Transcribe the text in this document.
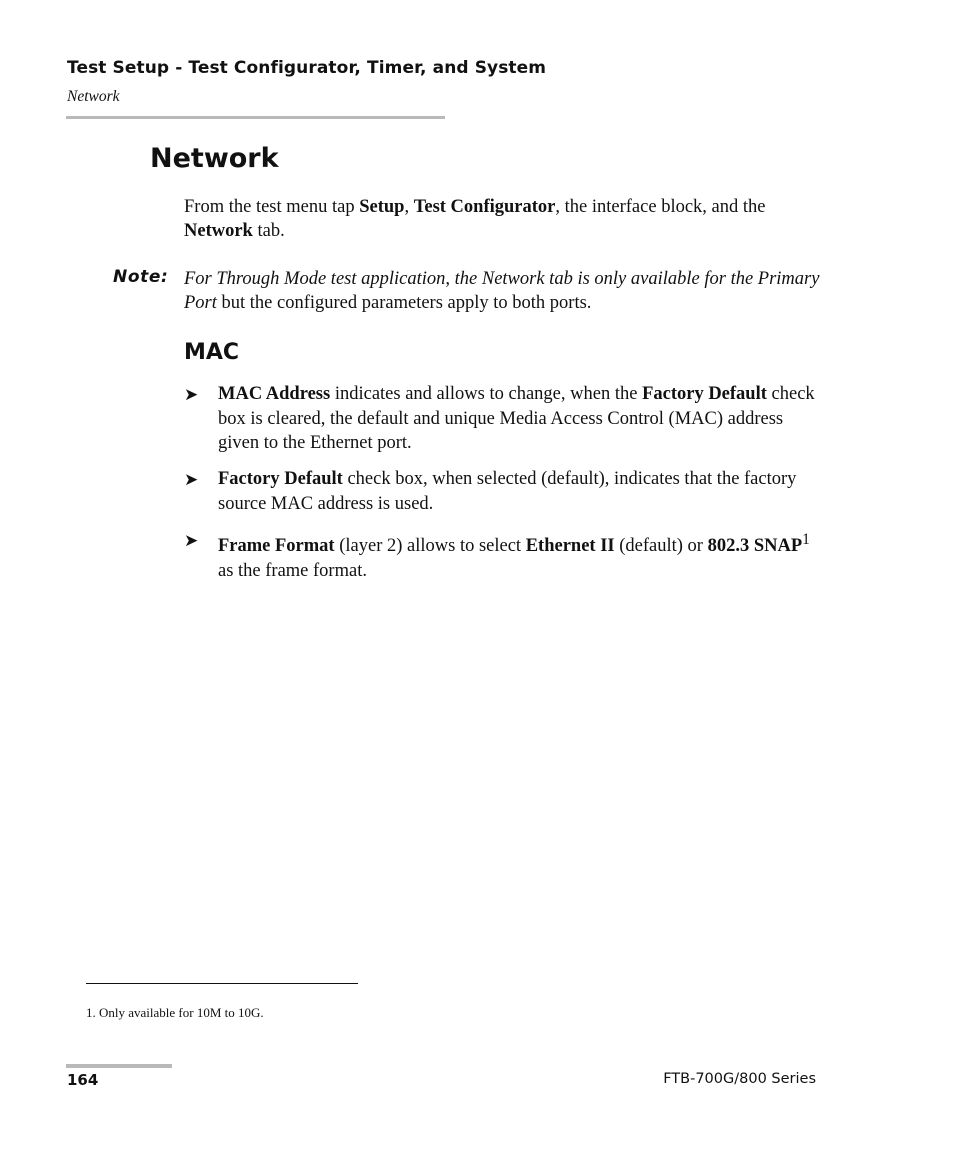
Test Setup - Test Configurator, Timer, and System
Network
Network
From the test menu tap Setup, Test Configurator, the interface block, and the Network tab.
Note: For Through Mode test application, the Network tab is only available for the Primary Port but the configured parameters apply to both ports.
MAC
➤ MAC Address indicates and allows to change, when the Factory Default check box is cleared, the default and unique Media Access Control (MAC) address given to the Ethernet port.
➤ Factory Default check box, when selected (default), indicates that the factory source MAC address is used.
➤ Frame Format (layer 2) allows to select Ethernet II (default) or 802.3 SNAP$^1$ as the frame format.
1. Only available for 10M to 10G.
164	FTB-700G/800 Series
